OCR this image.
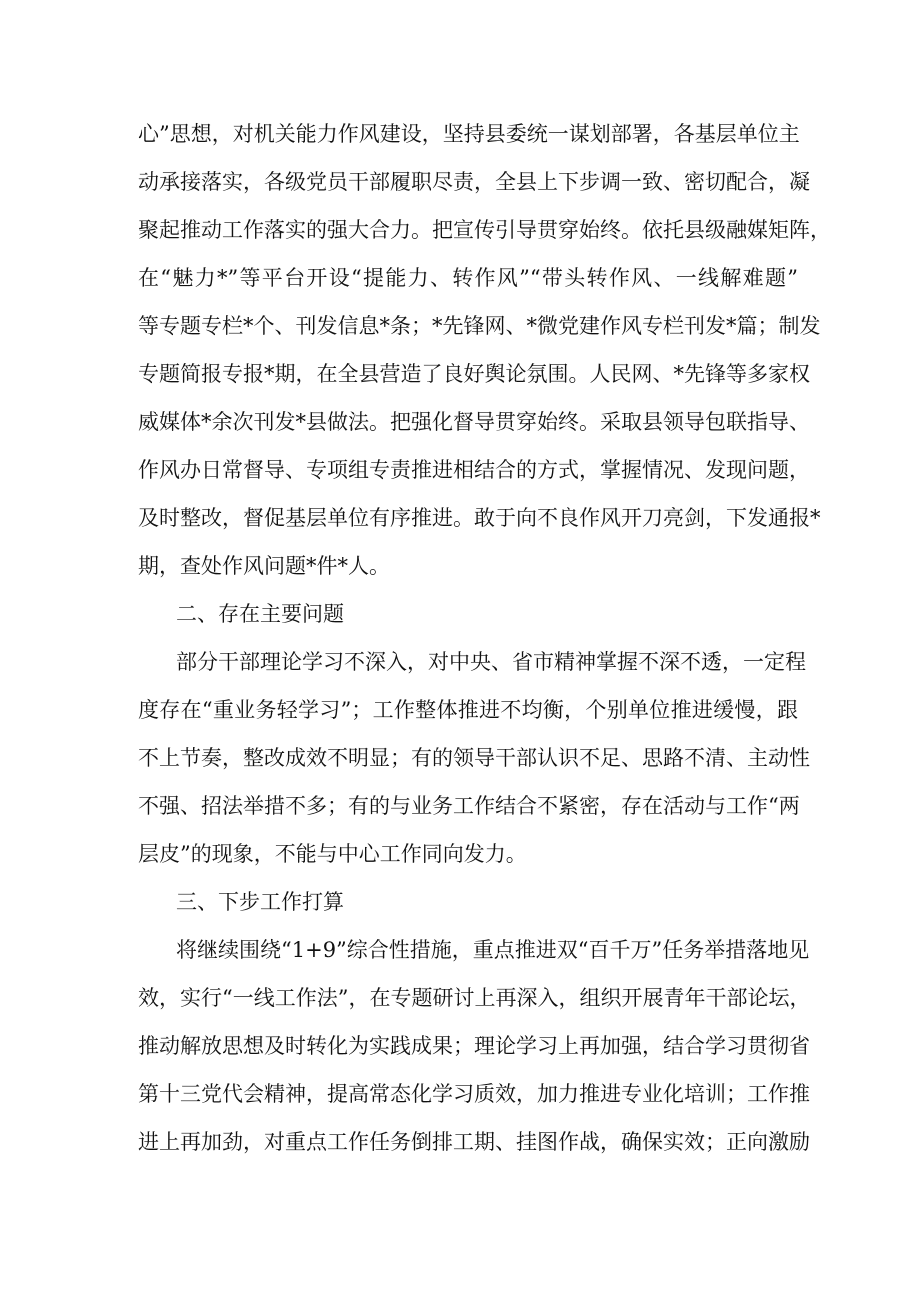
心”思想，对机关能力作风建设，坚持县委统一谋划部署，各基层单位主
动承接落实，各级党员干部履职尽责，全县上下步调一致、密切配合，凝
聚起推动工作落实的强大合力。把宣传引导贯穿始终。依托县级融媒矩阵，
在“魅力*”等平台开设“提能力、转作风”“带头转作风、一线解难题”
等专题专栏*个、刊发信息*条；*先锋网、*微党建作风专栏刊发*篇；制发
专题简报专报*期，在全县营造了良好舆论氛围。人民网、*先锋等多家权
威媒体*余次刊发*县做法。把强化督导贯穿始终。采取县领导包联指导、
作风办日常督导、专项组专责推进相结合的方式，掌握情况、发现问题，
及时整改，督促基层单位有序推进。敢于向不良作风开刀亮剑，下发通报*
期，查处作风问题*件*人。
二、存在主要问题
部分干部理论学习不深入，对中央、省市精神掌握不深不透，一定程
度存在“重业务轻学习”；工作整体推进不均衡，个别单位推进缓慢，跟
不上节奏，整改成效不明显；有的领导干部认识不足、思路不清、主动性
不强、招法举措不多；有的与业务工作结合不紧密，存在活动与工作“两
层皮”的现象，不能与中心工作同向发力。
三、下步工作打算
将继续围绕“1+9”综合性措施，重点推进双“百千万”任务举措落地见
效，实行“一线工作法”，在专题研讨上再深入，组织开展青年干部论坛，
推动解放思想及时转化为实践成果；理论学习上再加强，结合学习贯彻省
第十三党代会精神，提高常态化学习质效，加力推进专业化培训；工作推
进上再加劲，对重点工作任务倒排工期、挂图作战，确保实效；正向激励
